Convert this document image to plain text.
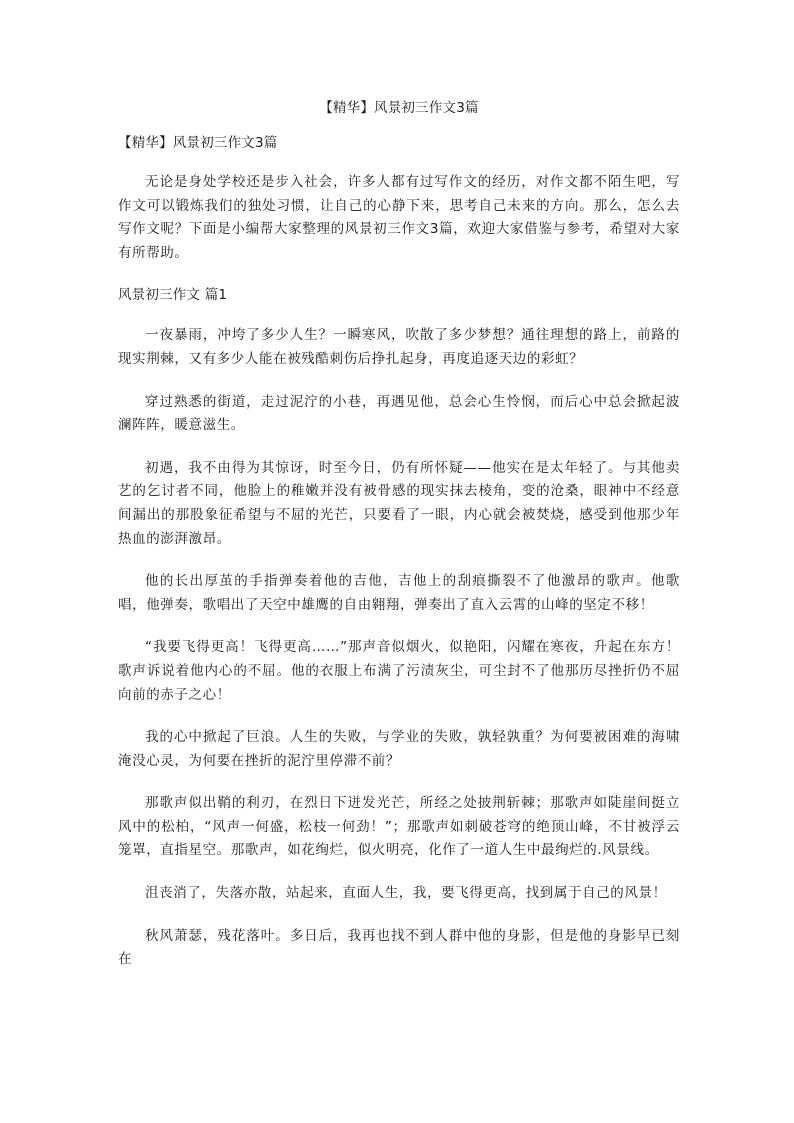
【精华】风景初三作文3篇
【精华】风景初三作文3篇

无论是身处学校还是步入社会，许多人都有过写作文的经历，对作文都不陌生吧，写作文可以锻炼我们的独处习惯，让自己的心静下来，思考自己未来的方向。那么，怎么去写作文呢？下面是小编帮大家整理的风景初三作文3篇，欢迎大家借鉴与参考，希望对大家有所帮助。

风景初三作文 篇1

一夜暴雨，冲垮了多少人生？一瞬寒风，吹散了多少梦想？通往理想的路上，前路的现实荆棘，又有多少人能在被残酷刺伤后挣扎起身，再度追逐天边的彩虹？

穿过熟悉的街道，走过泥泞的小巷，再遇见他，总会心生怜悯，而后心中总会掀起波澜阵阵，暖意滋生。

初遇，我不由得为其惊讶，时至今日，仍有所怀疑——他实在是太年轻了。与其他卖艺的乞讨者不同，他脸上的稚嫩并没有被骨感的现实抹去棱角，变的沧桑，眼神中不经意间漏出的那股象征希望与不屈的光芒，只要看了一眼，内心就会被焚烧，感受到他那少年热血的澎湃激昂。

他的长出厚茧的手指弹奏着他的吉他，吉他上的刮痕撕裂不了他激昂的歌声。他歌唱，他弹奏，歌唱出了天空中雄鹰的自由翱翔，弹奏出了直入云霄的山峰的坚定不移！

“我要飞得更高！飞得更高……”那声音似烟火，似艳阳，闪耀在寒夜，升起在东方！歌声诉说着他内心的不屈。他的衣服上布满了污渍灰尘，可尘封不了他那历尽挫折仍不屈向前的赤子之心！

我的心中掀起了巨浪。人生的失败，与学业的失败，孰轻孰重？为何要被困难的海啸淹没心灵，为何要在挫折的泥泞里停滞不前？

那歌声似出鞘的利刃，在烈日下迸发光芒，所经之处披荆斩棘；那歌声如陡崖间挺立风中的松柏，“风声一何盛，松枝一何劲！”；那歌声如刺破苍穹的绝顶山峰，不甘被浮云笼罩，直指星空。那歌声，如花绚烂，似火明亮，化作了一道人生中最绚烂的.风景线。

沮丧消了，失落亦散，站起来，直面人生，我，要飞得更高，找到属于自己的风景！

秋风萧瑟，残花落叶。多日后，我再也找不到人群中他的身影，但是他的身影早已刻在
